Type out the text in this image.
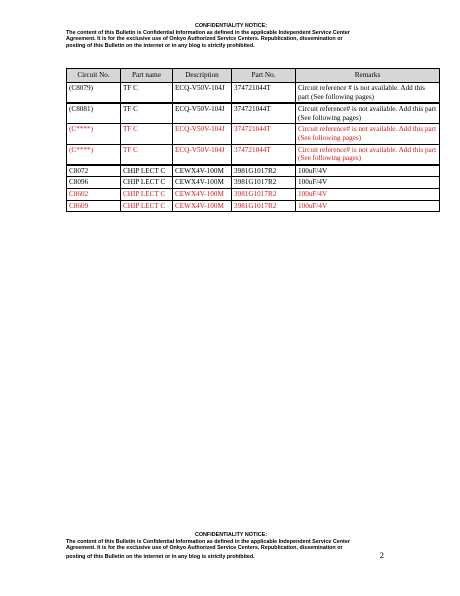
CONFIDENTIALITY NOTICE:
The content of this Bulletin is Confidential Information as defined in the applicable Independent Service Center
Agreement. It is for the exclusive use of Onkyo Authorized Service Centers. Republication, dissemination or
posting of this Bulletin on the internet or in any blog is strictly prohibited.
Circuit No.	Part name	Description	Part No.	Remarks
(C8079)	TF C	ECQ-V50V-104J	374721044T	Circuit reference # is not available. Add this part (See following pages)
(C8081)	TF C	ECQ-V50V-104J	374721044T	Circuit reference# is not available. Add this part (See following pages)
(C****)	TF C	ECQ-V50V-104J	374721044T	Circuit reference# is not available. Add this part (See following pages)
(C****)	TF C	ECQ-V50V-104J	374721044T	Circuit reference# is not available. Add this part (See following pages)
C8072	CHIP LECT C	CEWX4V-100M	3981G1017R2	100uF/4V
C8096	CHIP LECT C	CEWX4V-100M	3981G1017R2	100uF/4V
C8602	CHIP LECT C	CEWX4V-100M	3981G1017R2	100uF/4V
C8609	CHIP LECT C	CEWX4V-100M	3981G1017R2	100uF/4V
CONFIDENTIALITY NOTICE:
The content of this Bulletin is Confidential Information as defined in the applicable Independent Service Center
Agreement. It is for the exclusive use of Onkyo Authorized Service Centers. Republication, dissemination or
posting of this Bulletin on the internet or in any blog is strictly prohibited.	2
